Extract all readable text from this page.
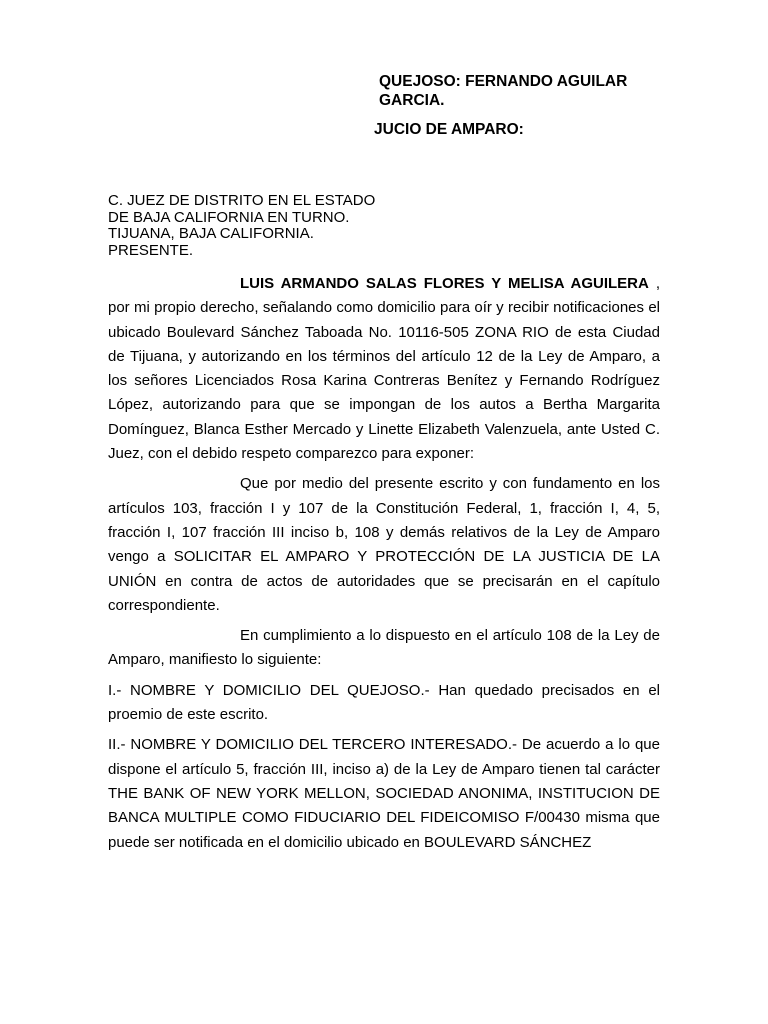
QUEJOSO: FERNANDO AGUILAR
GARCIA.
JUCIO DE AMPARO:
C. JUEZ DE DISTRITO EN EL ESTADO
DE BAJA CALIFORNIA EN TURNO.
TIJUANA, BAJA CALIFORNIA.
PRESENTE.

LUIS ARMANDO SALAS FLORES Y MELISA AGUILERA , por mi propio derecho, señalando como domicilio para oír y recibir notificaciones el ubicado Boulevard Sánchez Taboada No. 10116-505 ZONA RIO de esta Ciudad de Tijuana, y autorizando en los términos del artículo 12 de la Ley de Amparo, a los señores Licenciados Rosa Karina Contreras Benítez y Fernando Rodríguez López, autorizando para que se impongan de los autos a Bertha Margarita Domínguez, Blanca Esther Mercado y Linette Elizabeth Valenzuela, ante Usted C. Juez, con el debido respeto comparezco para exponer:

Que por medio del presente escrito y con fundamento en los artículos 103, fracción I y 107 de la Constitución Federal, 1, fracción I, 4, 5, fracción I, 107 fracción III inciso b, 108 y demás relativos de la Ley de Amparo vengo a SOLICITAR EL AMPARO Y PROTECCIÓN DE LA JUSTICIA DE LA UNIÓN en contra de actos de autoridades que se precisarán en el capítulo correspondiente.

En cumplimiento a lo dispuesto en el artículo 108 de la Ley de Amparo, manifiesto lo siguiente:

I.- NOMBRE Y DOMICILIO DEL QUEJOSO.- Han quedado precisados en el proemio de este escrito.

II.- NOMBRE Y DOMICILIO DEL TERCERO INTERESADO.- De acuerdo a lo que dispone el artículo 5, fracción III, inciso a) de la Ley de Amparo tienen tal carácter THE BANK OF NEW YORK MELLON, SOCIEDAD ANONIMA, INSTITUCION DE BANCA MULTIPLE COMO FIDUCIARIO DEL FIDEICOMISO F/00430 misma que puede ser notificada en el domicilio ubicado en BOULEVARD SÁNCHEZ
